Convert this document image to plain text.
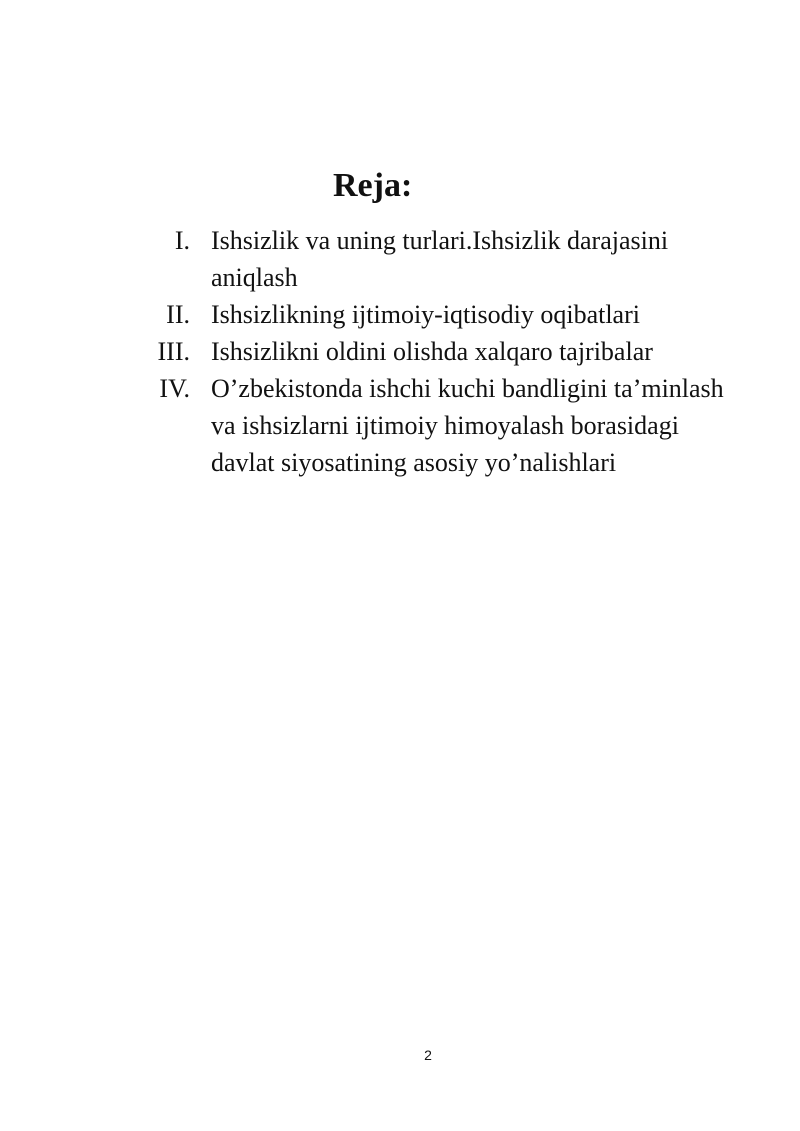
Reja:
I. Ishsizlik va uning turlari.Ishsizlik darajasini aniqlash
II. Ishsizlikning ijtimoiy-iqtisodiy oqibatlari
III. Ishsizlikni oldini olishda xalqaro tajribalar
IV. O’zbekistonda ishchi kuchi bandligini ta’minlash va ishsizlarni ijtimoiy himoyalash borasidagi davlat siyosatining asosiy yo’nalishlari
2
